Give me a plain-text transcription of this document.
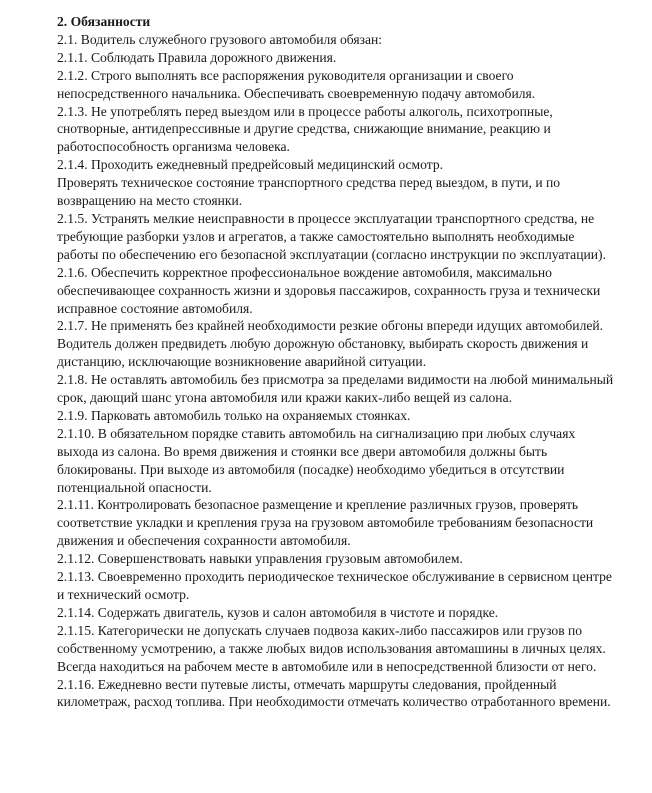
2. Обязанности

2.1. Водитель служебного грузового автомобиля обязан:

2.1.1. Соблюдать Правила дорожного движения.

2.1.2. Строго выполнять все распоряжения руководителя организации и своего непосредственного начальника. Обеспечивать своевременную подачу автомобиля.

2.1.3. Не употреблять перед выездом или в процессе работы алкоголь, психотропные, снотворные, антидепрессивные и другие средства, снижающие внимание, реакцию и работоспособность организма человека.

2.1.4. Проходить ежедневный предрейсовый медицинский осмотр.

Проверять техническое состояние транспортного средства перед выездом, в пути, и по возвращению на место стоянки.

2.1.5. Устранять мелкие неисправности в процессе эксплуатации транспортного средства, не требующие разборки узлов и агрегатов, а также самостоятельно выполнять необходимые работы по обеспечению его безопасной эксплуатации (согласно инструкции по эксплуатации).

2.1.6. Обеспечить корректное профессиональное вождение автомобиля, максимально обеспечивающее сохранность жизни и здоровья пассажиров, сохранность груза и технически исправное состояние автомобиля.

2.1.7. Не применять без крайней необходимости резкие обгоны впереди идущих автомобилей. Водитель должен предвидеть любую дорожную обстановку, выбирать скорость движения и дистанцию, исключающие возникновение аварийной ситуации.

2.1.8. Не оставлять автомобиль без присмотра за пределами видимости на любой минимальный срок, дающий шанс угона автомобиля или кражи каких-либо вещей из салона.

2.1.9. Парковать автомобиль только на охраняемых стоянках.

2.1.10. В обязательном порядке ставить автомобиль на сигнализацию при любых случаях выхода из салона. Во время движения и стоянки все двери автомобиля должны быть блокированы. При выходе из автомобиля (посадке) необходимо убедиться в отсутствии потенциальной опасности.

2.1.11. Контролировать безопасное размещение и крепление различных грузов, проверять соответствие укладки и крепления груза на грузовом автомобиле требованиям безопасности движения и обеспечения сохранности автомобиля.

2.1.12. Совершенствовать навыки управления грузовым автомобилем.

2.1.13. Своевременно проходить периодическое техническое обслуживание в сервисном центре и технический осмотр.

2.1.14. Содержать двигатель, кузов и салон автомобиля в чистоте и порядке.

2.1.15. Категорически не допускать случаев подвоза каких-либо пассажиров или грузов по собственному усмотрению, а также любых видов использования автомашины в личных целях. Всегда находиться на рабочем месте в автомобиле или в непосредственной близости от него.

2.1.16. Ежедневно вести путевые листы, отмечать маршруты следования, пройденный километраж, расход топлива. При необходимости отмечать количество отработанного времени.
